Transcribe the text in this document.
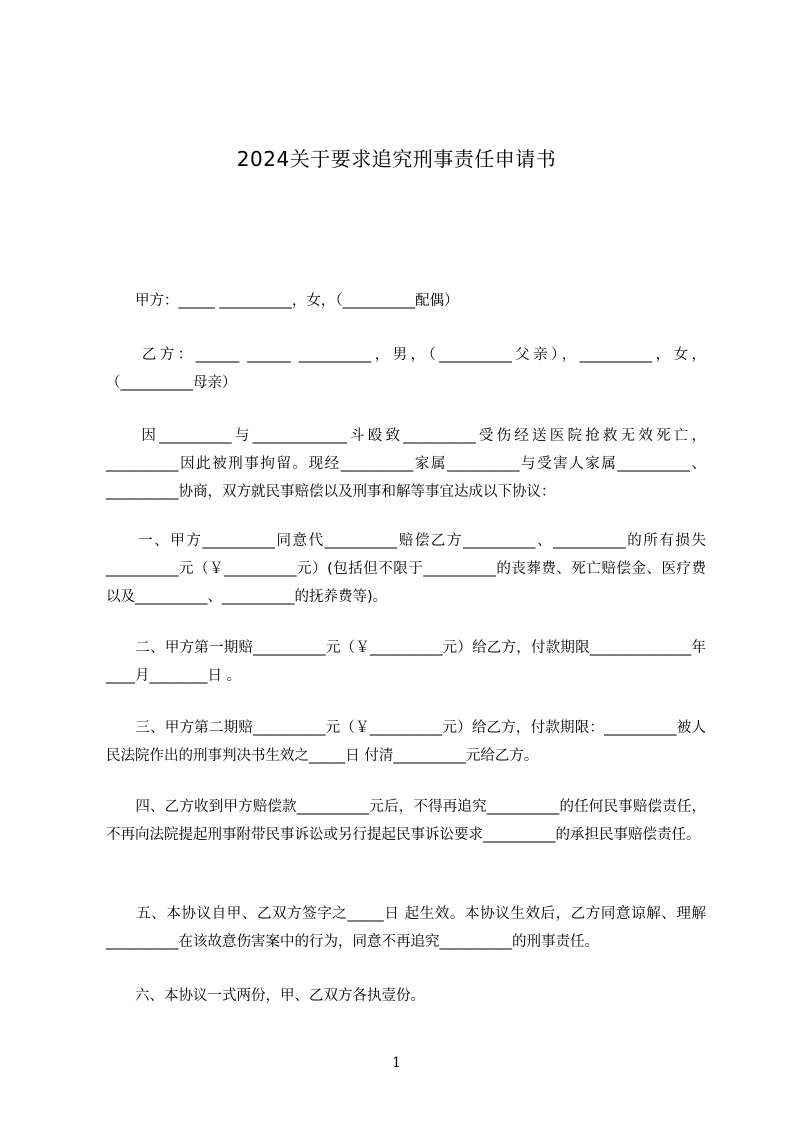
2024关于要求追究刑事责任申请书
　　甲方：_____ __________，女，（__________配偶）
　　乙方：______ ______ __________，男，（__________父亲），__________，女，（__________母亲）
　　因__________与_____________斗殴致__________受伤经送医院抢救无效死亡，__________因此被刑事拘留。现经__________家属__________与受害人家属__________、__________协商，双方就民事赔偿以及刑事和解等事宜达成以下协议：
　　一、甲方__________同意代__________赔偿乙方__________、__________的所有损失__________元（￥__________元）(包括但不限于__________的丧葬费、死亡赔偿金、医疗费以及__________、__________的抚养费等)。
　　二、甲方第一期赔__________元（￥__________元）给乙方，付款期限______________年____月________日 。
　　三、甲方第二期赔__________元（￥__________元）给乙方，付款期限：__________被人民法院作出的刑事判决书生效之_____日 付清__________元给乙方。
　　四、乙方收到甲方赔偿款__________元后，不得再追究__________的任何民事赔偿责任，不再向法院提起刑事附带民事诉讼或另行提起民事诉讼要求__________的承担民事赔偿责任。
　　五、本协议自甲、乙双方签字之_____日 起生效。本协议生效后，乙方同意谅解、理解__________在该故意伤害案中的行为，同意不再追究__________的刑事责任。
　　六、本协议一式两份，甲、乙双方各执壹份。
1
